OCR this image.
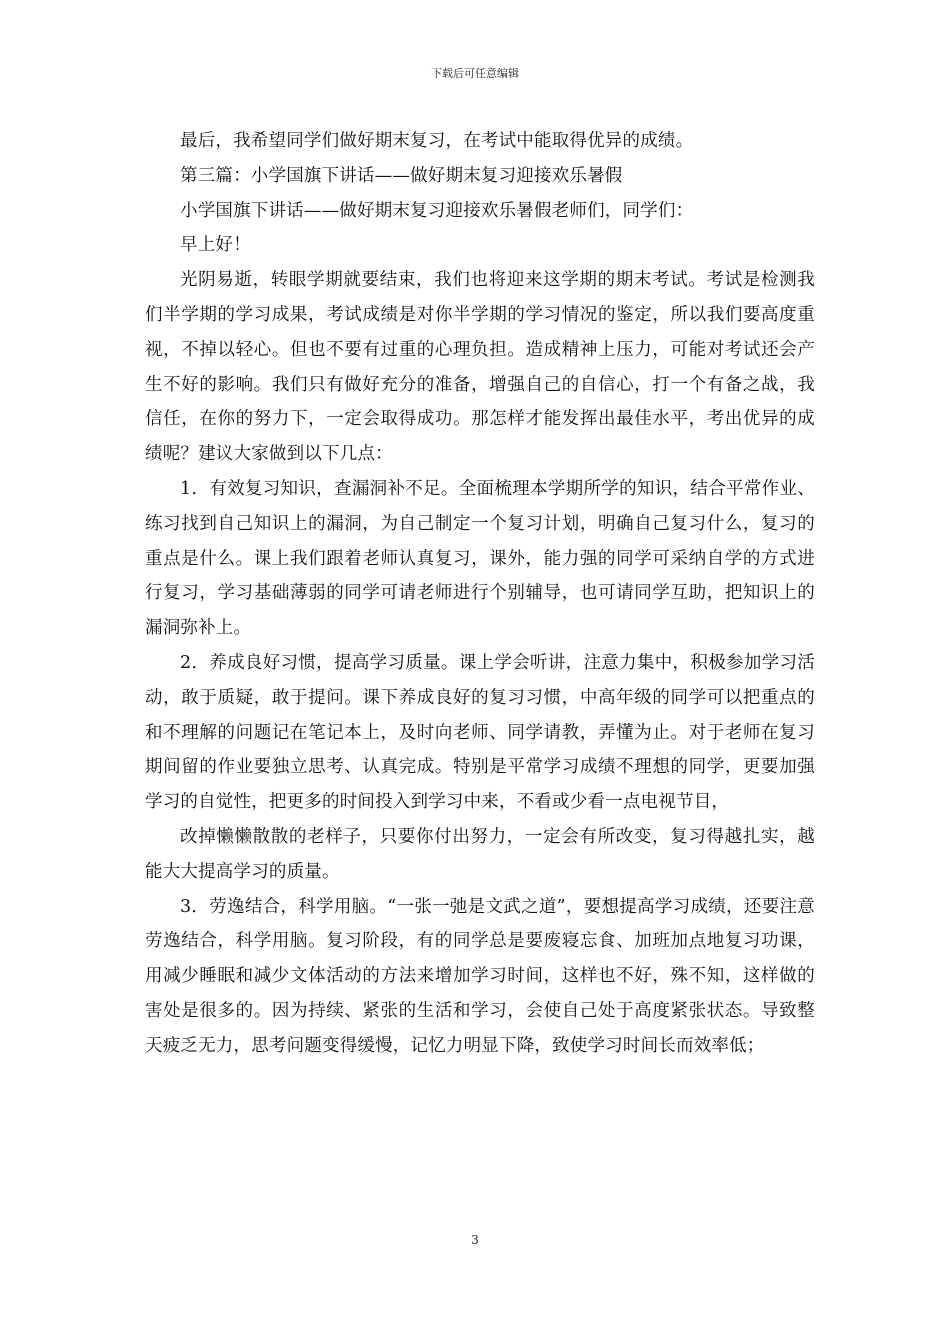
下载后可任意编辑

最后，我希望同学们做好期末复习，在考试中能取得优异的成绩。

第三篇：小学国旗下讲话——做好期末复习迎接欢乐暑假

小学国旗下讲话——做好期末复习迎接欢乐暑假老师们，同学们：

早上好！

光阴易逝，转眼学期就要结束，我们也将迎来这学期的期末考试。考试是检测我们半学期的学习成果，考试成绩是对你半学期的学习情况的鉴定，所以我们要高度重视，不掉以轻心。但也不要有过重的心理负担。造成精神上压力，可能对考试还会产生不好的影响。我们只有做好充分的准备，增强自己的自信心，打一个有备之战，我信任，在你的努力下，一定会取得成功。那怎样才能发挥出最佳水平，考出优异的成绩呢？建议大家做到以下几点：

1．有效复习知识，查漏洞补不足。全面梳理本学期所学的知识，结合平常作业、练习找到自己知识上的漏洞，为自己制定一个复习计划，明确自己复习什么，复习的重点是什么。课上我们跟着老师认真复习，课外，能力强的同学可采纳自学的方式进行复习，学习基础薄弱的同学可请老师进行个别辅导，也可请同学互助，把知识上的漏洞弥补上。

2．养成良好习惯，提高学习质量。课上学会听讲，注意力集中，积极参加学习活动，敢于质疑，敢于提问。课下养成良好的复习习惯，中高年级的同学可以把重点的和不理解的问题记在笔记本上，及时向老师、同学请教，弄懂为止。对于老师在复习期间留的作业要独立思考、认真完成。特别是平常学习成绩不理想的同学，更要加强学习的自觉性，把更多的时间投入到学习中来，不看或少看一点电视节目，

改掉懒懒散散的老样子，只要你付出努力，一定会有所改变，复习得越扎实，越能大大提高学习的质量。

3．劳逸结合，科学用脑。“一张一弛是文武之道”，要想提高学习成绩，还要注意劳逸结合，科学用脑。复习阶段，有的同学总是要废寝忘食、加班加点地复习功课，用减少睡眠和减少文体活动的方法来增加学习时间，这样也不好，殊不知，这样做的害处是很多的。因为持续、紧张的生活和学习，会使自己处于高度紧张状态。导致整天疲乏无力，思考问题变得缓慢，记忆力明显下降，致使学习时间长而效率低；

3
